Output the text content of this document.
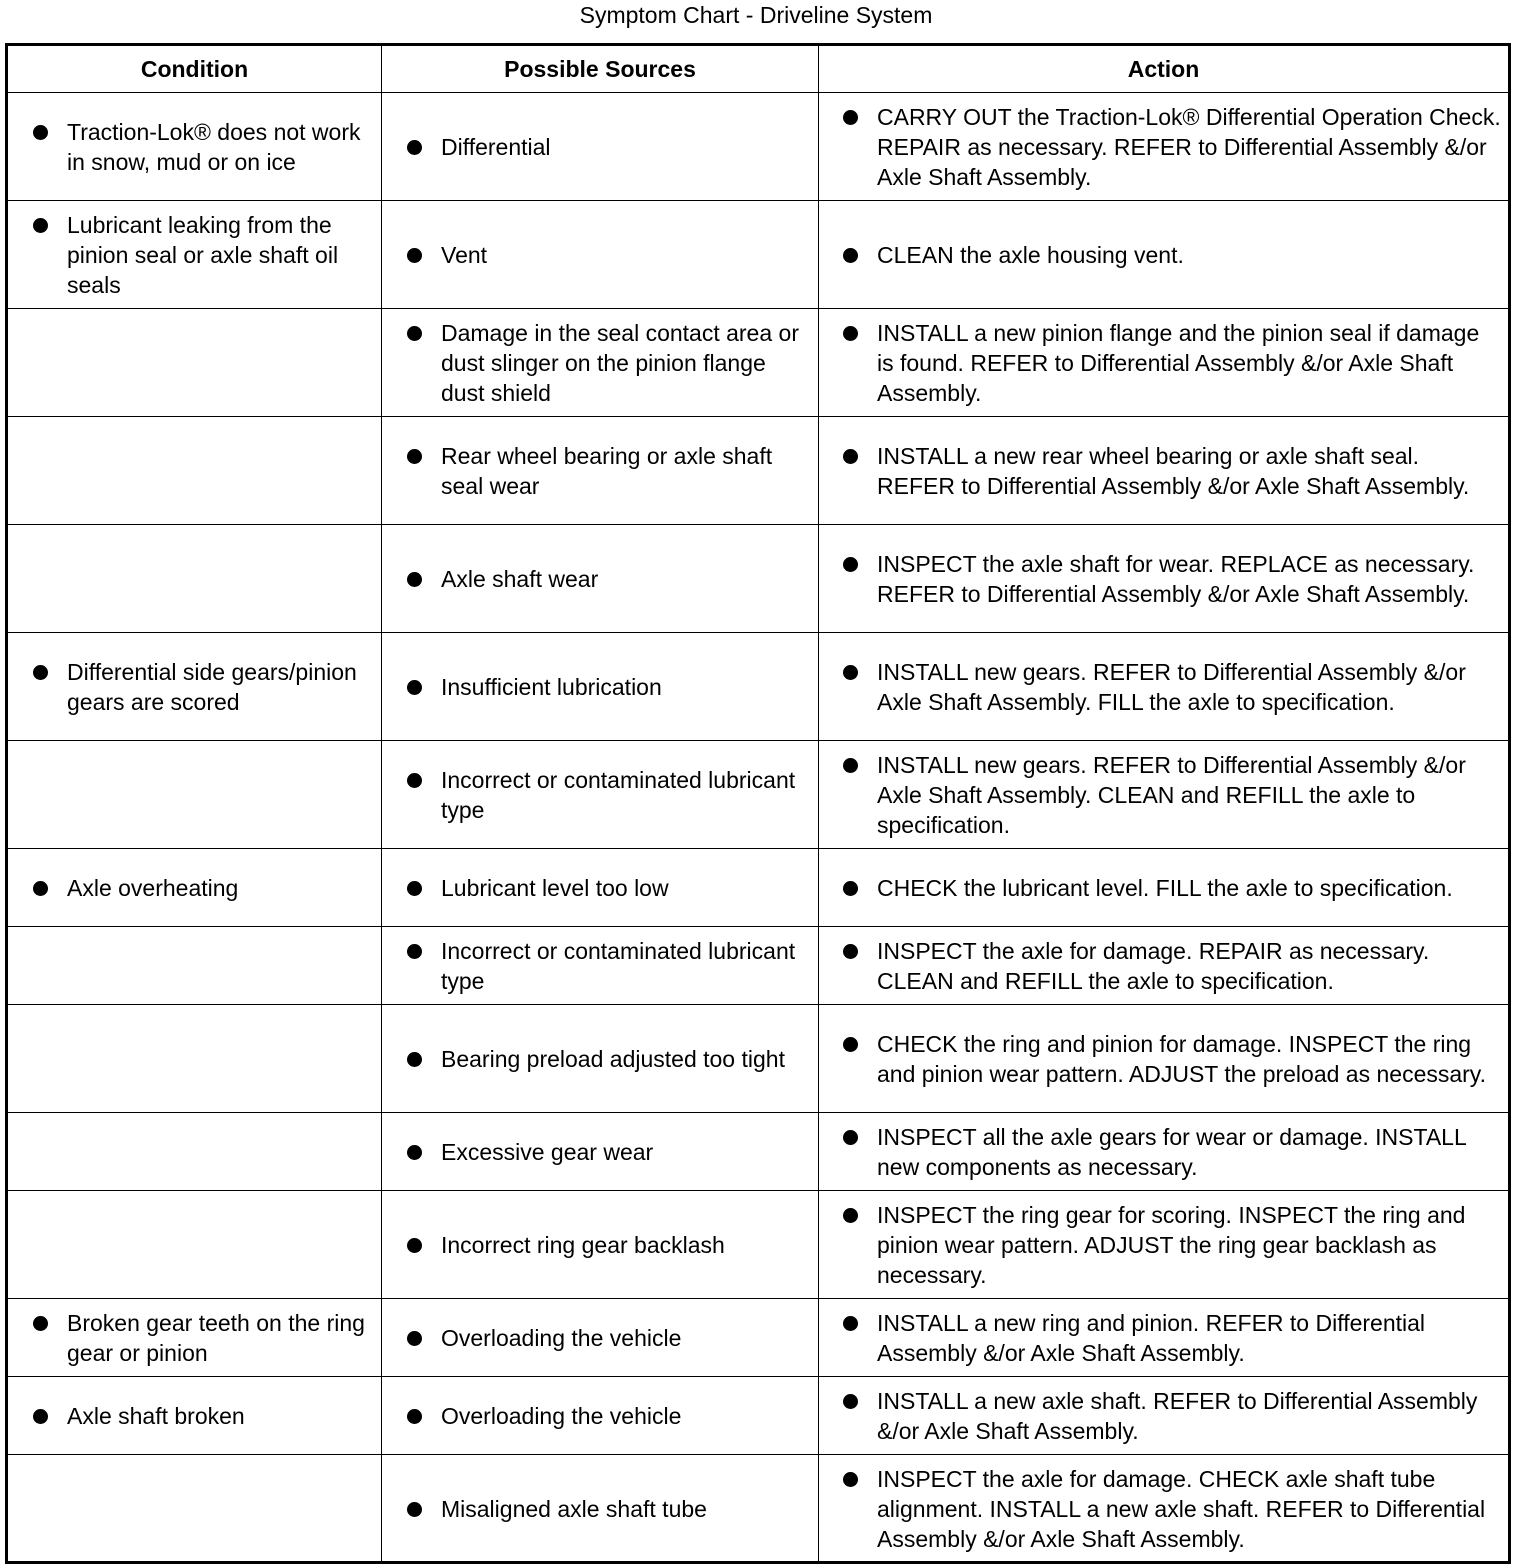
Symptom Chart - Driveline System
Condition	Possible Sources	Action

Traction-Lok® does not work in snow, mud or on ice	Differential	CARRY OUT the Traction-Lok® Differential Operation Check. REPAIR as necessary. REFER to Differential Assembly &/or Axle Shaft Assembly.

Lubricant leaking from the pinion seal or axle shaft oil seals	Vent	CLEAN the axle housing vent.

	Damage in the seal contact area or dust slinger on the pinion flange dust shield	INSTALL a new pinion flange and the pinion seal if damage is found. REFER to Differential Assembly &/or Axle Shaft Assembly.

	Rear wheel bearing or axle shaft seal wear	INSTALL a new rear wheel bearing or axle shaft seal. REFER to Differential Assembly &/or Axle Shaft Assembly.

	Axle shaft wear	INSPECT the axle shaft for wear. REPLACE as necessary. REFER to Differential Assembly &/or Axle Shaft Assembly.

Differential side gears/pinion gears are scored	Insufficient lubrication	INSTALL new gears. REFER to Differential Assembly &/or Axle Shaft Assembly. FILL the axle to specification.

	Incorrect or contaminated lubricant type	INSTALL new gears. REFER to Differential Assembly &/or Axle Shaft Assembly. CLEAN and REFILL the axle to specification.

Axle overheating	Lubricant level too low	CHECK the lubricant level. FILL the axle to specification.

	Incorrect or contaminated lubricant type	INSPECT the axle for damage. REPAIR as necessary. CLEAN and REFILL the axle to specification.

	Bearing preload adjusted too tight	CHECK the ring and pinion for damage. INSPECT the ring and pinion wear pattern. ADJUST the preload as necessary.

	Excessive gear wear	INSPECT all the axle gears for wear or damage. INSTALL new components as necessary.

	Incorrect ring gear backlash	INSPECT the ring gear for scoring. INSPECT the ring and pinion wear pattern. ADJUST the ring gear backlash as necessary.

Broken gear teeth on the ring gear or pinion	Overloading the vehicle	INSTALL a new ring and pinion. REFER to Differential Assembly &/or Axle Shaft Assembly.

Axle shaft broken	Overloading the vehicle	INSTALL a new axle shaft. REFER to Differential Assembly &/or Axle Shaft Assembly.

	Misaligned axle shaft tube	INSPECT the axle for damage. CHECK axle shaft tube alignment. INSTALL a new axle shaft. REFER to Differential Assembly &/or Axle Shaft Assembly.
